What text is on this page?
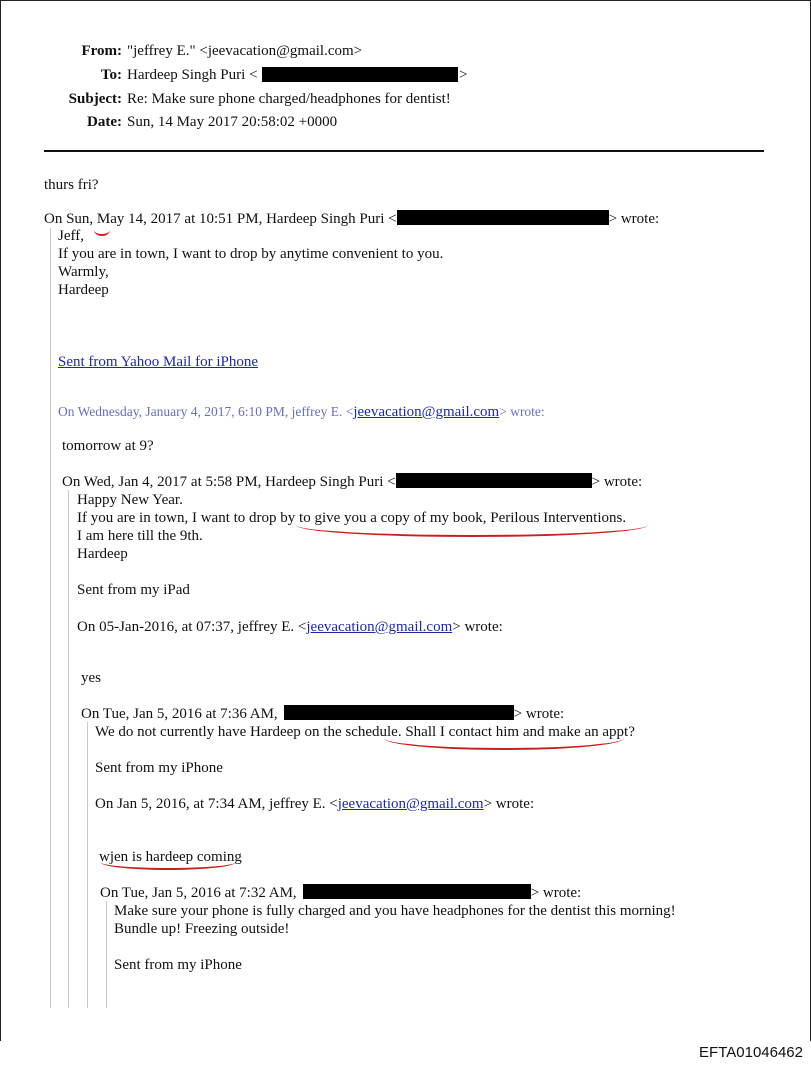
From: "jeffrey E." <jeevacation@gmail.com>
To: Hardeep Singh Puri <	>
Subject: Re: Make sure phone charged/headphones for dentist!
Date: Sun, 14 May 2017 20:58:02 +0000
thurs fri?
On Sun, May 14, 2017 at 10:51 PM, Hardeep Singh Puri <	> wrote:
Jeff,
If you are in town, I want to drop by anytime convenient to you.
Warmly,
Hardeep
Sent from Yahoo Mail for iPhone
On Wednesday, January 4, 2017, 6:10 PM, jeffrey E. <jeevacation@gmail.com> wrote:
tomorrow at 9?
On Wed, Jan 4, 2017 at 5:58 PM, Hardeep Singh Puri <	> wrote:
Happy New Year.
If you are in town, I want to drop by to give you a copy of my book, Perilous Interventions.
I am here till the 9th.
Hardeep
Sent from my iPad
On 05-Jan-2016, at 07:37, jeffrey E. <jeevacation@gmail.com> wrote:
yes
On Tue, Jan 5, 2016 at 7:36 AM,	> wrote:
We do not currently have Hardeep on the schedule. Shall I contact him and make an appt?
Sent from my iPhone
On Jan 5, 2016, at 7:34 AM, jeffrey E. <jeevacation@gmail.com> wrote:
wjen is hardeep coming
On Tue, Jan 5, 2016 at 7:32 AM,	> wrote:
Make sure your phone is fully charged and you have headphones for the dentist this morning!
Bundle up! Freezing outside!
Sent from my iPhone
EFTA01046462
